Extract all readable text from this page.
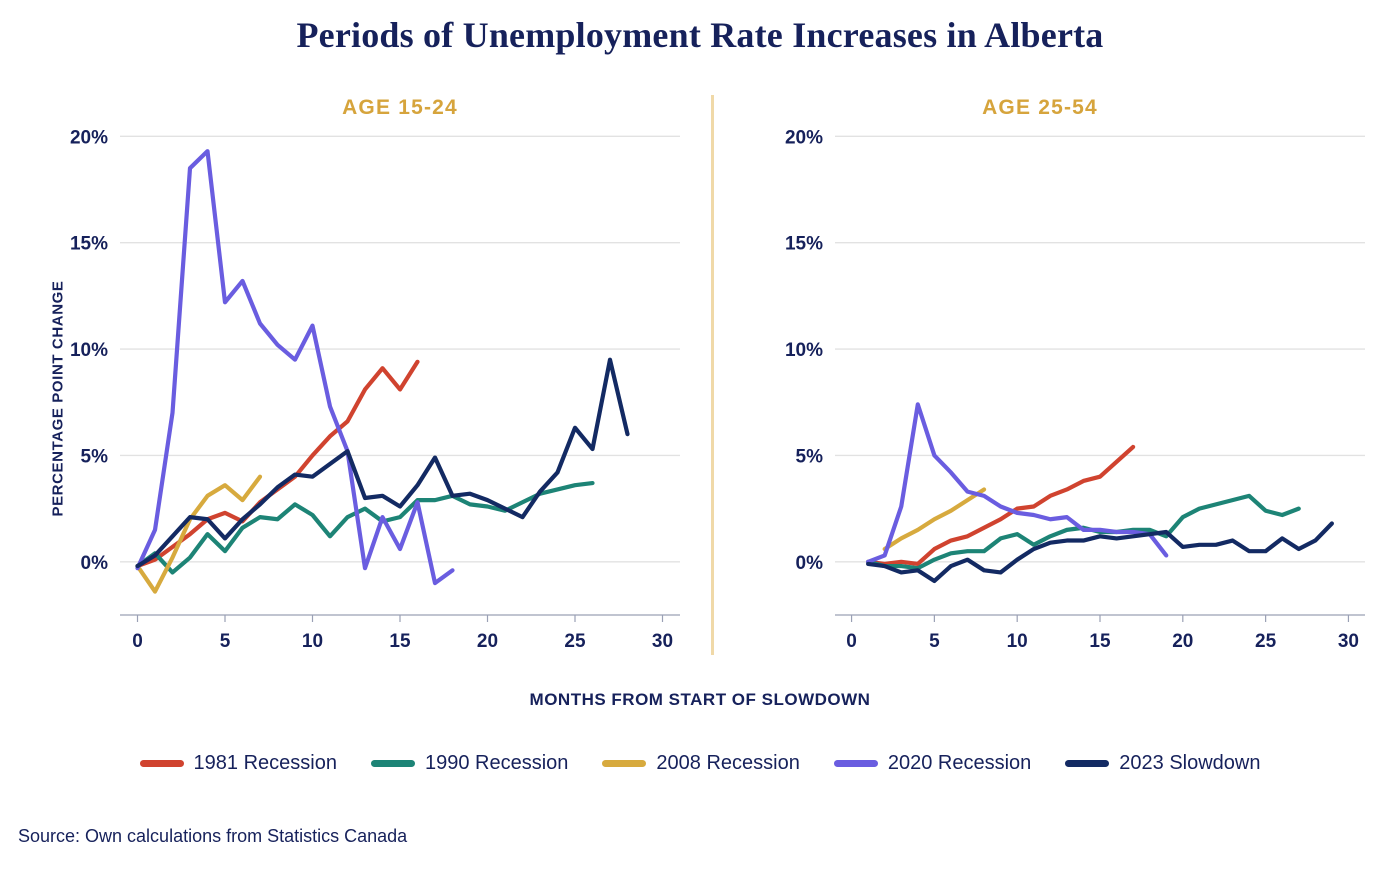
Periods of Unemployment Rate Increases in Alberta
AGE 15-24	AGE 25-54
PERCENTAGE POINT CHANGE
MONTHS FROM START OF SLOWDOWN
0%
5%
10%
15%
20%
0	5	10	15	20	25	30
0%
5%
10%
15%
20%
0	5	10	15	20	25	30
1981 Recession	1990 Recession	2008 Recession	2020 Recession	2023 Slowdown
Source: Own calculations from Statistics Canada
